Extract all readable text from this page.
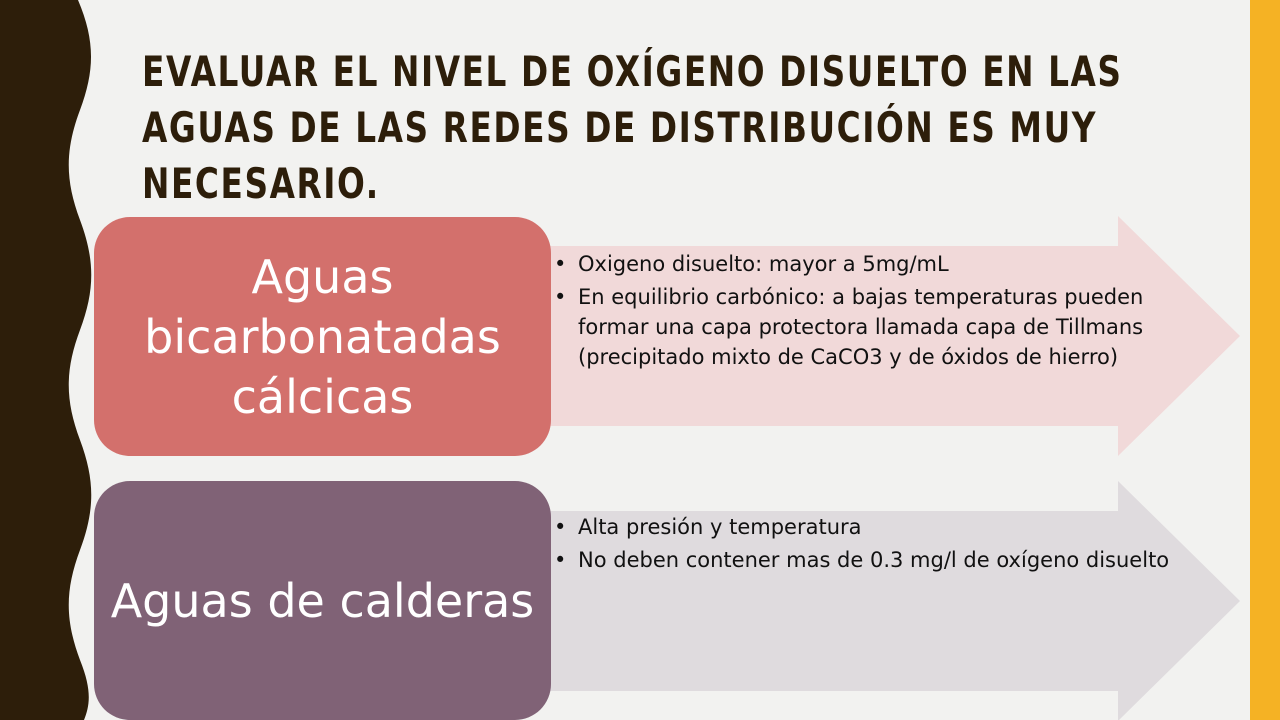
EVALUAR EL NIVEL DE OXÍGENO DISUELTO EN LAS AGUAS DE LAS REDES DE DISTRIBUCIÓN ES MUY NECESARIO.
Aguas bicarbonatadas cálcicas
Aguas de calderas
• Oxigeno disuelto: mayor a 5mg/mL
• En equilibrio carbónico: a bajas temperaturas pueden formar una capa protectora llamada capa de Tillmans (precipitado mixto de CaCO3 y de óxidos de hierro)
• Alta presión y temperatura
• No deben contener mas de 0.3 mg/l de oxígeno disuelto
